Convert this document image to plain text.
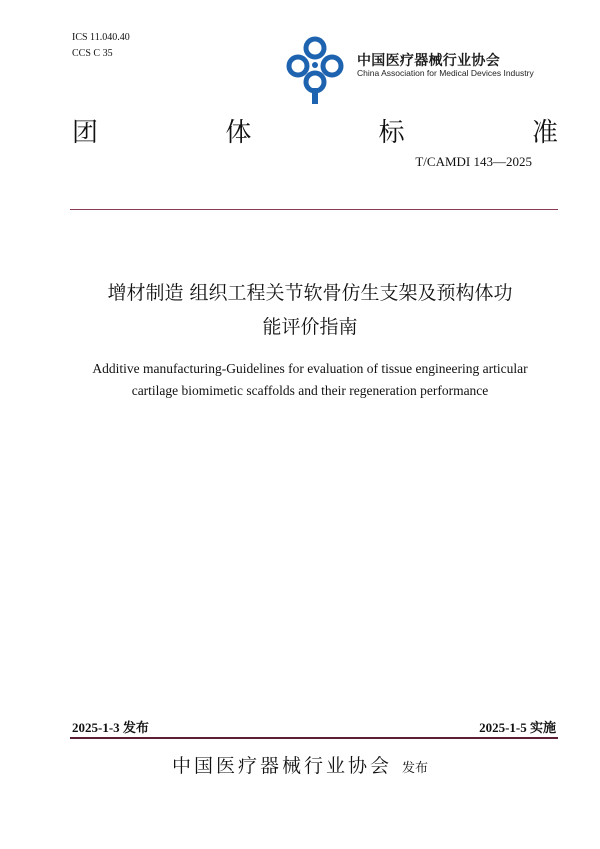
ICS 11.040.40
CCS C 35	中国医疗器械行业协会
China Association for Medical Devices Industry
团	体	标	准
T/CAMDI 143—2025
增材制造 组织工程关节软骨仿生支架及预构体功
能评价指南
Additive manufacturing-Guidelines for evaluation of tissue engineering articular
cartilage biomimetic scaffolds and their regeneration performance
2025-1-3 发布	2025-1-5 实施
中国医疗器械行业协会 发布
